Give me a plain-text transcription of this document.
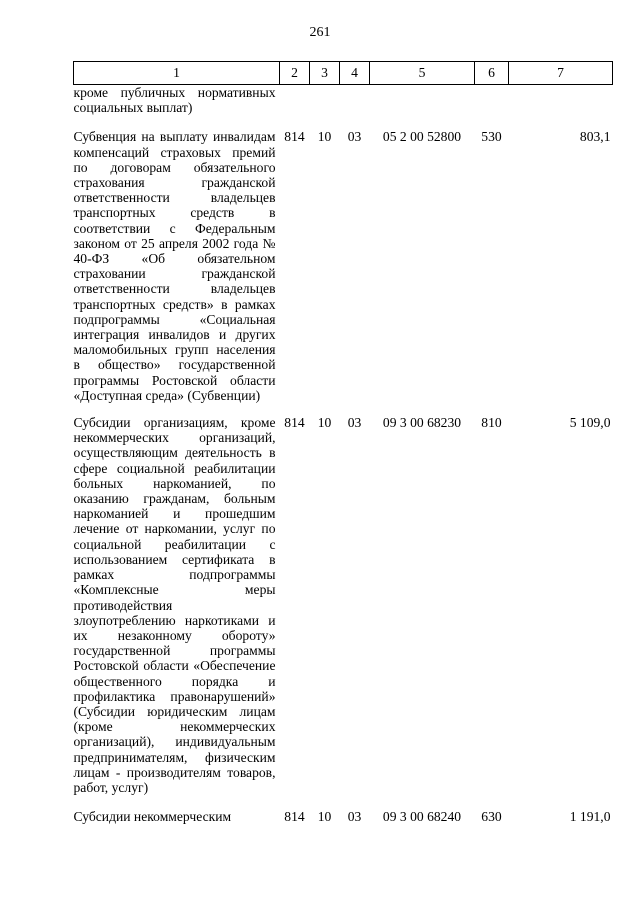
261
1	2	3	4	5	6	7
кроме публичных нормативных социальных выплат)						
Субвенция на выплату инвалидам компенсаций страховых премий по договорам обязательного страхования гражданской ответственности владельцев транспортных средств в соответствии с Федеральным законом от 25 апреля 2002 года № 40-ФЗ «Об обязательном страховании гражданской ответственности владельцев транспортных средств» в рамках подпрограммы «Социальная интеграция инвалидов и других маломобильных групп населения в общество» государственной программы Ростовской области «Доступная среда» (Субвенции)	814	10	03	05 2 00 52800	530	803,1
Субсидии организациям, кроме некоммерческих организаций, осуществляющим деятельность в сфере социальной реабилитации больных наркоманией, по оказанию гражданам, больным наркоманией и прошедшим лечение от наркомании, услуг по социальной реабилитации с использованием сертификата в рамках подпрограммы «Комплексные меры противодействия злоупотреблению наркотиками и их незаконному обороту» государственной программы Ростовской области «Обеспечение общественного порядка и профилактика правонарушений» (Субсидии юридическим лицам (кроме некоммерческих организаций), индивидуальным предпринимателям, физическим лицам - производителям товаров, работ, услуг)	814	10	03	09 3 00 68230	810	5 109,0
Субсидии некоммерческим	814	10	03	09 3 00 68240	630	1 191,0
